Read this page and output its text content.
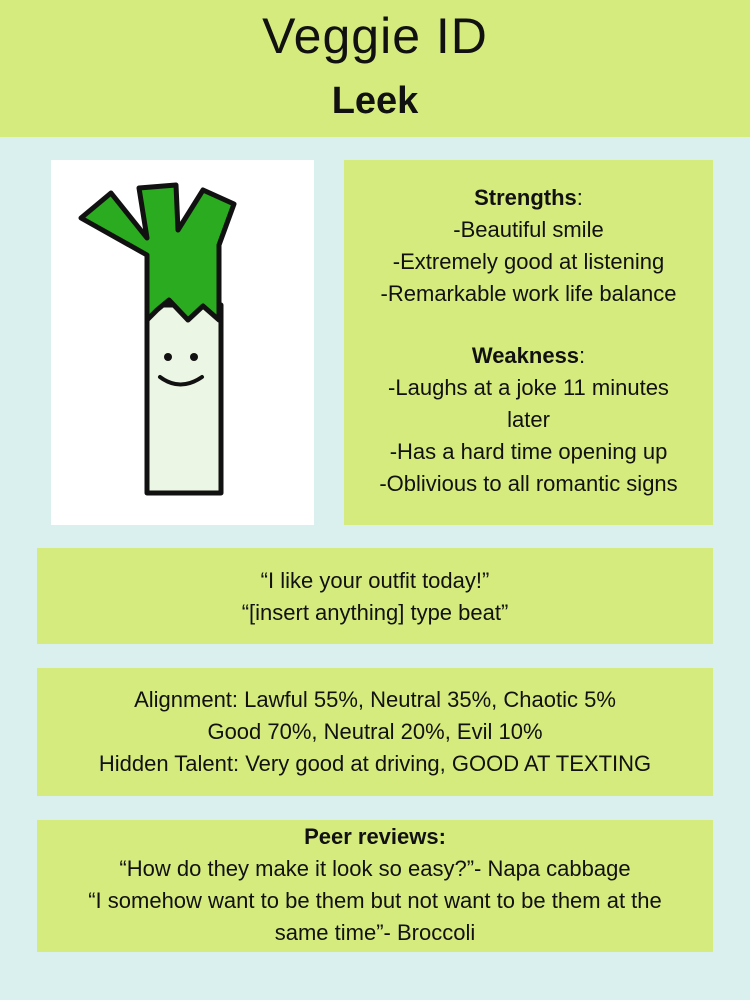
Veggie ID
Leek
Strengths:
-Beautiful smile
-Extremely good at listening
-Remarkable work life balance
Weakness:
-Laughs at a joke 11 minutes
later
-Has a hard time opening up
-Oblivious to all romantic signs
“I like your outfit today!”
“[insert anything] type beat”
Alignment: Lawful 55%, Neutral 35%, Chaotic 5%
Good 70%, Neutral 20%, Evil 10%
Hidden Talent: Very good at driving, GOOD AT TEXTING
Peer reviews:
“How do they make it look so easy?”- Napa cabbage
“I somehow want to be them but not want to be them at the
same time”- Broccoli
